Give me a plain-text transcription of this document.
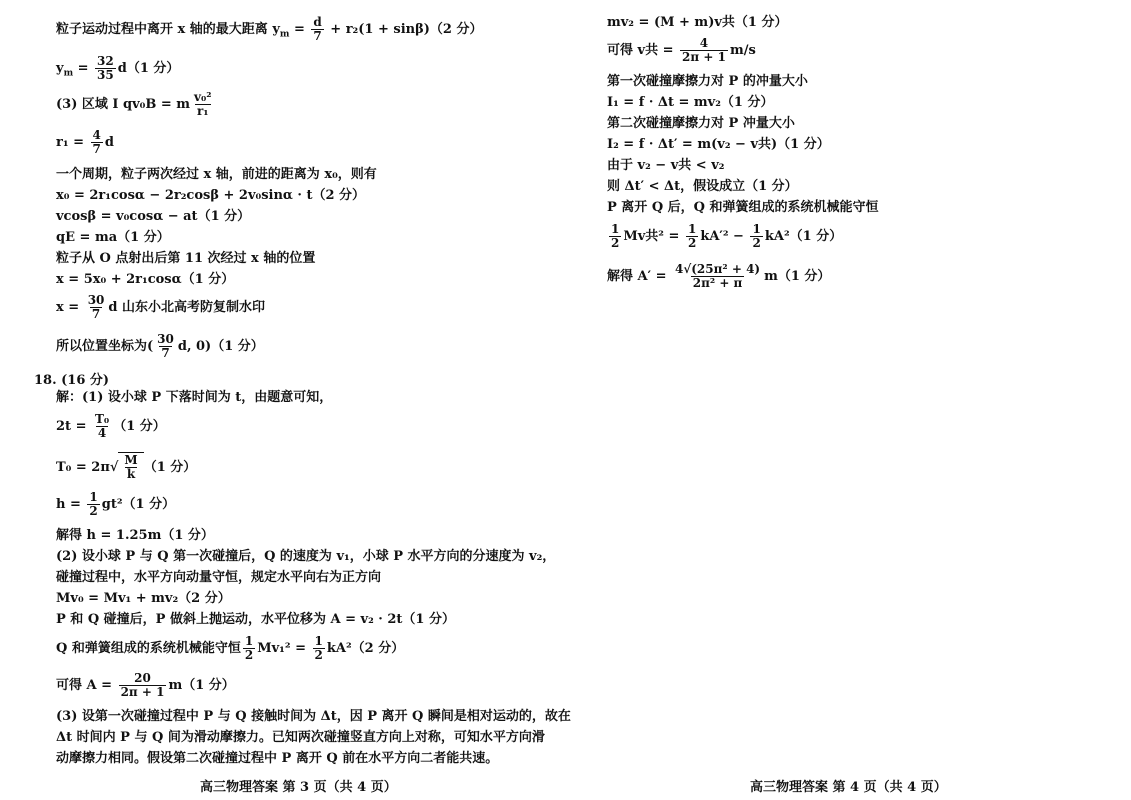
粒子运动过程中离开 x 轴的最大距离 $y_m = \frac{d}{7} + r_2(1 + \sin\beta)(2$ 分）
$y_m = \frac{32}{35} d(1$ 分）
(3) 区域 Ⅰ qv₀B = m $\frac{\text{v₀²}}{\text{r₁}}$
$r_1 = \frac{4}{7}$ d
一个周期，粒子两次经过 x 轴，前进的距离为 x₀，则有
x₀ = 2r₁cosα − 2r₂cosβ + 2v₀sinα · t（2 分）
vcosβ = v₀cosα − at（1 分）
qE = ma（1 分）
粒子从 O 点射出后第 11 次经过 x 轴的位置
x = 5x₀ + 2r₁cosα（1 分）
$x = \frac{30}{7}$ d 山东小北高考防复制水印
所以位置坐标为( $\frac{30}{7} d$, 0)（1 分）
18. (16 分)
解：(1) 设小球 P 下落时间为 t，由题意可知，
$2t = \frac{\text{T₀}}{4} (1$ 分）
$T_0 = 2\pi√ \frac{M}{k} (1$ 分）
$h = \frac{1}{2} gt^2(1$ 分）
解得 h = 1.25m（1 分）
(2) 设小球 P 与 Q 第一次碰撞后，Q 的速度为 v₁，小球 P 水平方向的分速度为 v₂，
碰撞过程中，水平方向动量守恒，规定水平向右为正方向
Mv₀ = Mv₁ + mv₂（2 分）
P 和 Q 碰撞后，P 做斜上抛运动，水平位移为 A = v₂ · 2t（1 分）
Q 和弹簧组成的系统机械能守恒 $\frac{1}{2} Mv_1^2 = \frac{1}{2} kA^2(2$ 分）
可得 $A = \frac{20}{2\pi + 1} m(1$ 分）
(3) 设第一次碰撞过程中 P 与 Q 接触时间为 Δt，因 P 离开 Q 瞬间是相对运动的，故在
Δt 时间内 P 与 Q 间为滑动摩擦力。已知两次碰撞竖直方向上对称，可知水平方向滑
动摩擦力相同。假设第二次碰撞过程中 P 离开 Q 前在水平方向二者能共速。
高三物理答案 第 3 页（共 4 页）
mv₂ = (M + m)v共（1 分）
可得 v共 = $\frac{4}{2\pi + 1} m/s$
第一次碰撞摩擦力对 P 的冲量大小
I₁ = f · Δt = mv₂（1 分）
第二次碰撞摩擦力对 P 冲量大小
I₂ = f · Δt′ = m(v₂ − v共)（1 分）
由于 v₂ − v共 < v₂
则 Δt′ < Δt，假设成立（1 分）
P 离开 Q 后，Q 和弹簧组成的系统机械能守恒
$\frac{1}{2}$ Mv共$^2 = \frac{1}{2} kA'^2 - \frac{1}{2} kA^2(1$ 分）
解得 $A' = \frac{\text{4√(25π² + 4)}}{\text{2π² + π}} m(1$ 分）
高三物理答案 第 4 页（共 4 页）
